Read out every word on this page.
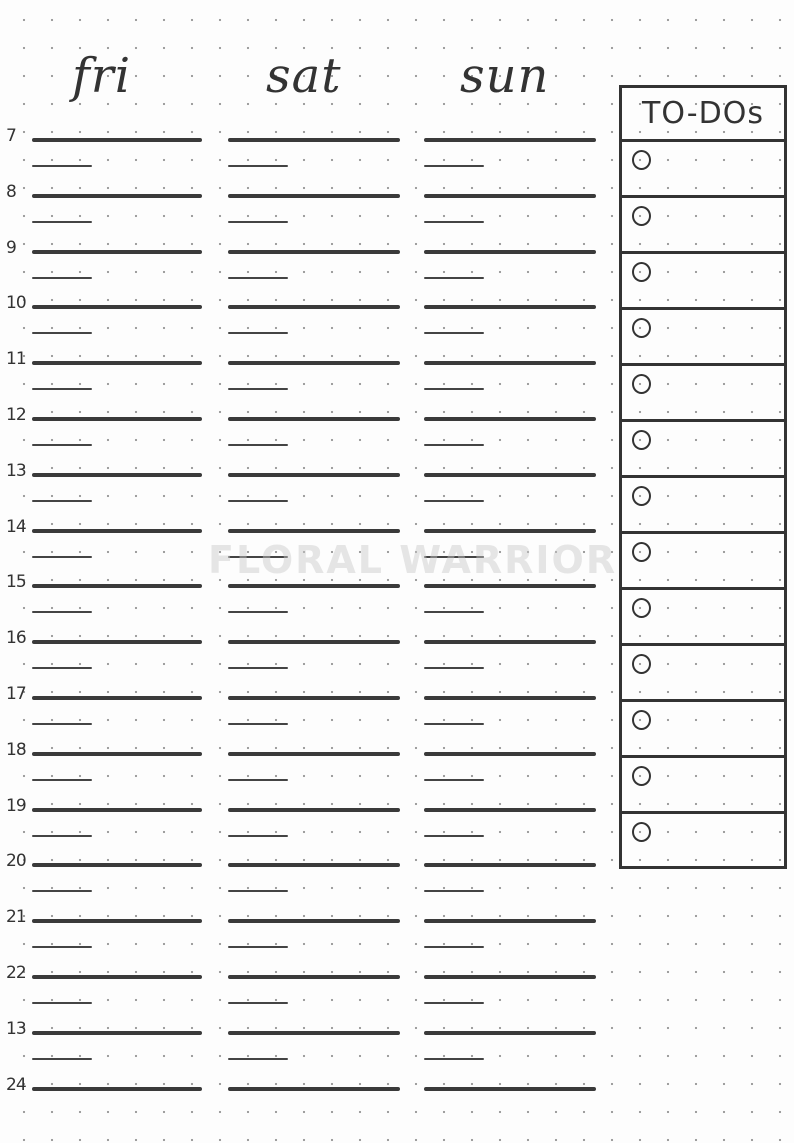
fri	sat sun
7
8
9
10
11
12
13
14
15
16
17
18
19
20
21
22
13
24
TO-DOs
FLORAL WARRIOR
